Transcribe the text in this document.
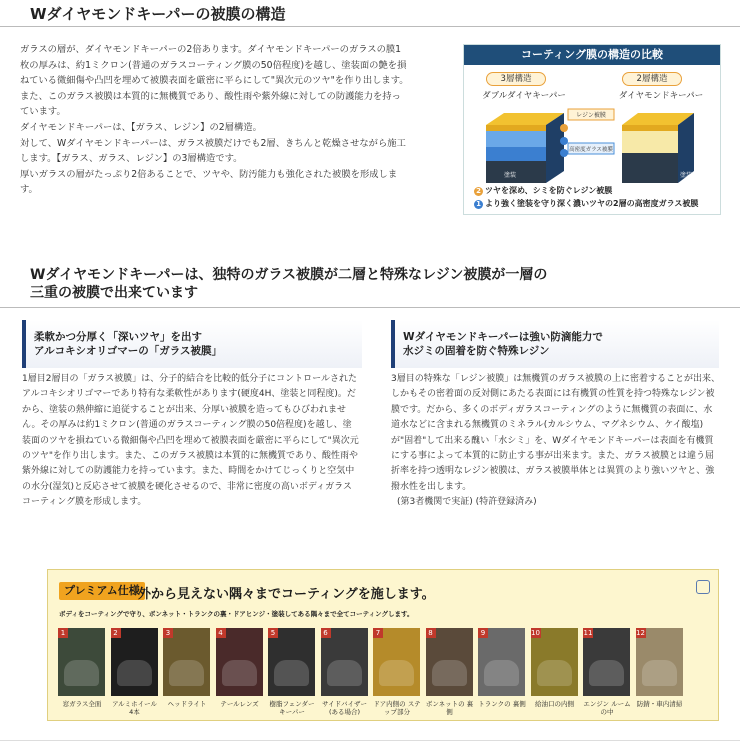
Wダイヤモンドキーパーの被膜の構造

ガラスの層が、ダイヤモンドキーパーの2倍あります。ダイヤモンドキーパーのガラスの膜1枚の厚みは、約1ミクロン(普通のガラスコーティング膜の50倍程度)を越し、塗装面の艶を損ねている微細傷や凸凹を埋めて被膜表面を厳密に平らにして"異次元のツヤ"を作り出します。また、このガラス被膜は本質的に無機質であり、酸性雨や紫外線に対しての防護能力を持っています。

ダイヤモンドキーパーは、【ガラス、レジン】の2層構造。

対して、Wダイヤモンドキーパーは、ガラス被膜だけでも2層、きちんと乾燥させながら施工します。【ガラス、ガラス、レジン】の3層構造です。

厚いガラスの層がたっぷり2倍あることで、ツヤや、防汚能力も強化された被膜を形成します。

コーティング膜の構造の比較
3層構造	2層構造
ダブルダイヤキーパー	ダイヤモンドキーパー
レジン被膜
高密度ガラス被膜
塗装	塗装
2 ツヤを深め、シミを防ぐレジン被膜
1 より強く塗装を守り深く濃いツヤの2層の高密度ガラス被膜
Wダイヤモンドキーパーは、独特のガラス被膜が二層と特殊なレジン被膜が一層の
三重の被膜で出来ています
柔軟かつ分厚く「深いツヤ」を出す
アルコキシオリゴマーの「ガラス被膜」
1層目2層目の「ガラス被膜」は、分子的結合を比較的低分子にコントロールされたアルコキシオリゴマーであり特有な柔軟性があります(硬度4H、塗装と同程度)。だから、塗装の熱伸縮に追従することが出来、分厚い被膜を造ってもひびわれません。その厚みは約1ミクロン(普通のガラスコーティング膜の50倍程度)を越し、塗装面のツヤを損ねている微細傷や凸凹を埋めて被膜表面を厳密に平らにして"異次元のツヤ"を作り出します。また、このガラス被膜は本質的に無機質であり、酸性雨や紫外線に対しての防護能力を持っています。また、時間をかけてじっくりと空気中の水分(湿気)と反応させて被膜を硬化させるので、非常に密度の高いボディガラスコーティング膜を形成します。
Wダイヤモンドキーパーは強い防滴能力で
水ジミの固着を防ぐ特殊レジン
3層目の特殊な「レジン被膜」は無機質のガラス被膜の上に密着することが出来、しかもその密着面の反対側にあたる表面には有機質の性質を持つ特殊なレジン被膜です。だから、多くのボディガラスコーティングのように無機質の表面に、水道水などに含まれる無機質のミネラル(カルシウム、マグネシウム、ケイ酸塩)が"固着"して出来る醜い「水シミ」を、Wダイヤモンドキーパーは表面を有機質にする事によって本質的に防止する事が出来ます。また、ガラス被膜とは違う屈折率を持つ透明なレジン被膜は、ガラス被膜単体とは異質のより強いツヤと、強撥水性を出します。
(第3者機関で実証) (特許登録済み)
プレミアム仕様
外から見えない隅々までコーティングを施します。
ボディをコーティングで守り、ボンネット・トランクの裏・ドアヒンジ・塗装してある隅々まで全てコーティングします。
1
窓ガラス全面
2
アルミホイール 4本
3
ヘッドライト
4
テールレンズ
5
樹脂フェンダー キーパー
6
サイドバイザー (ある場合)
7
ドア内側の ステップ部分
8
ボンネットの 裏側
9
トランクの 裏側
10
給油口の内側
11
エンジン ルームの中
12
防錆・車内清掃
